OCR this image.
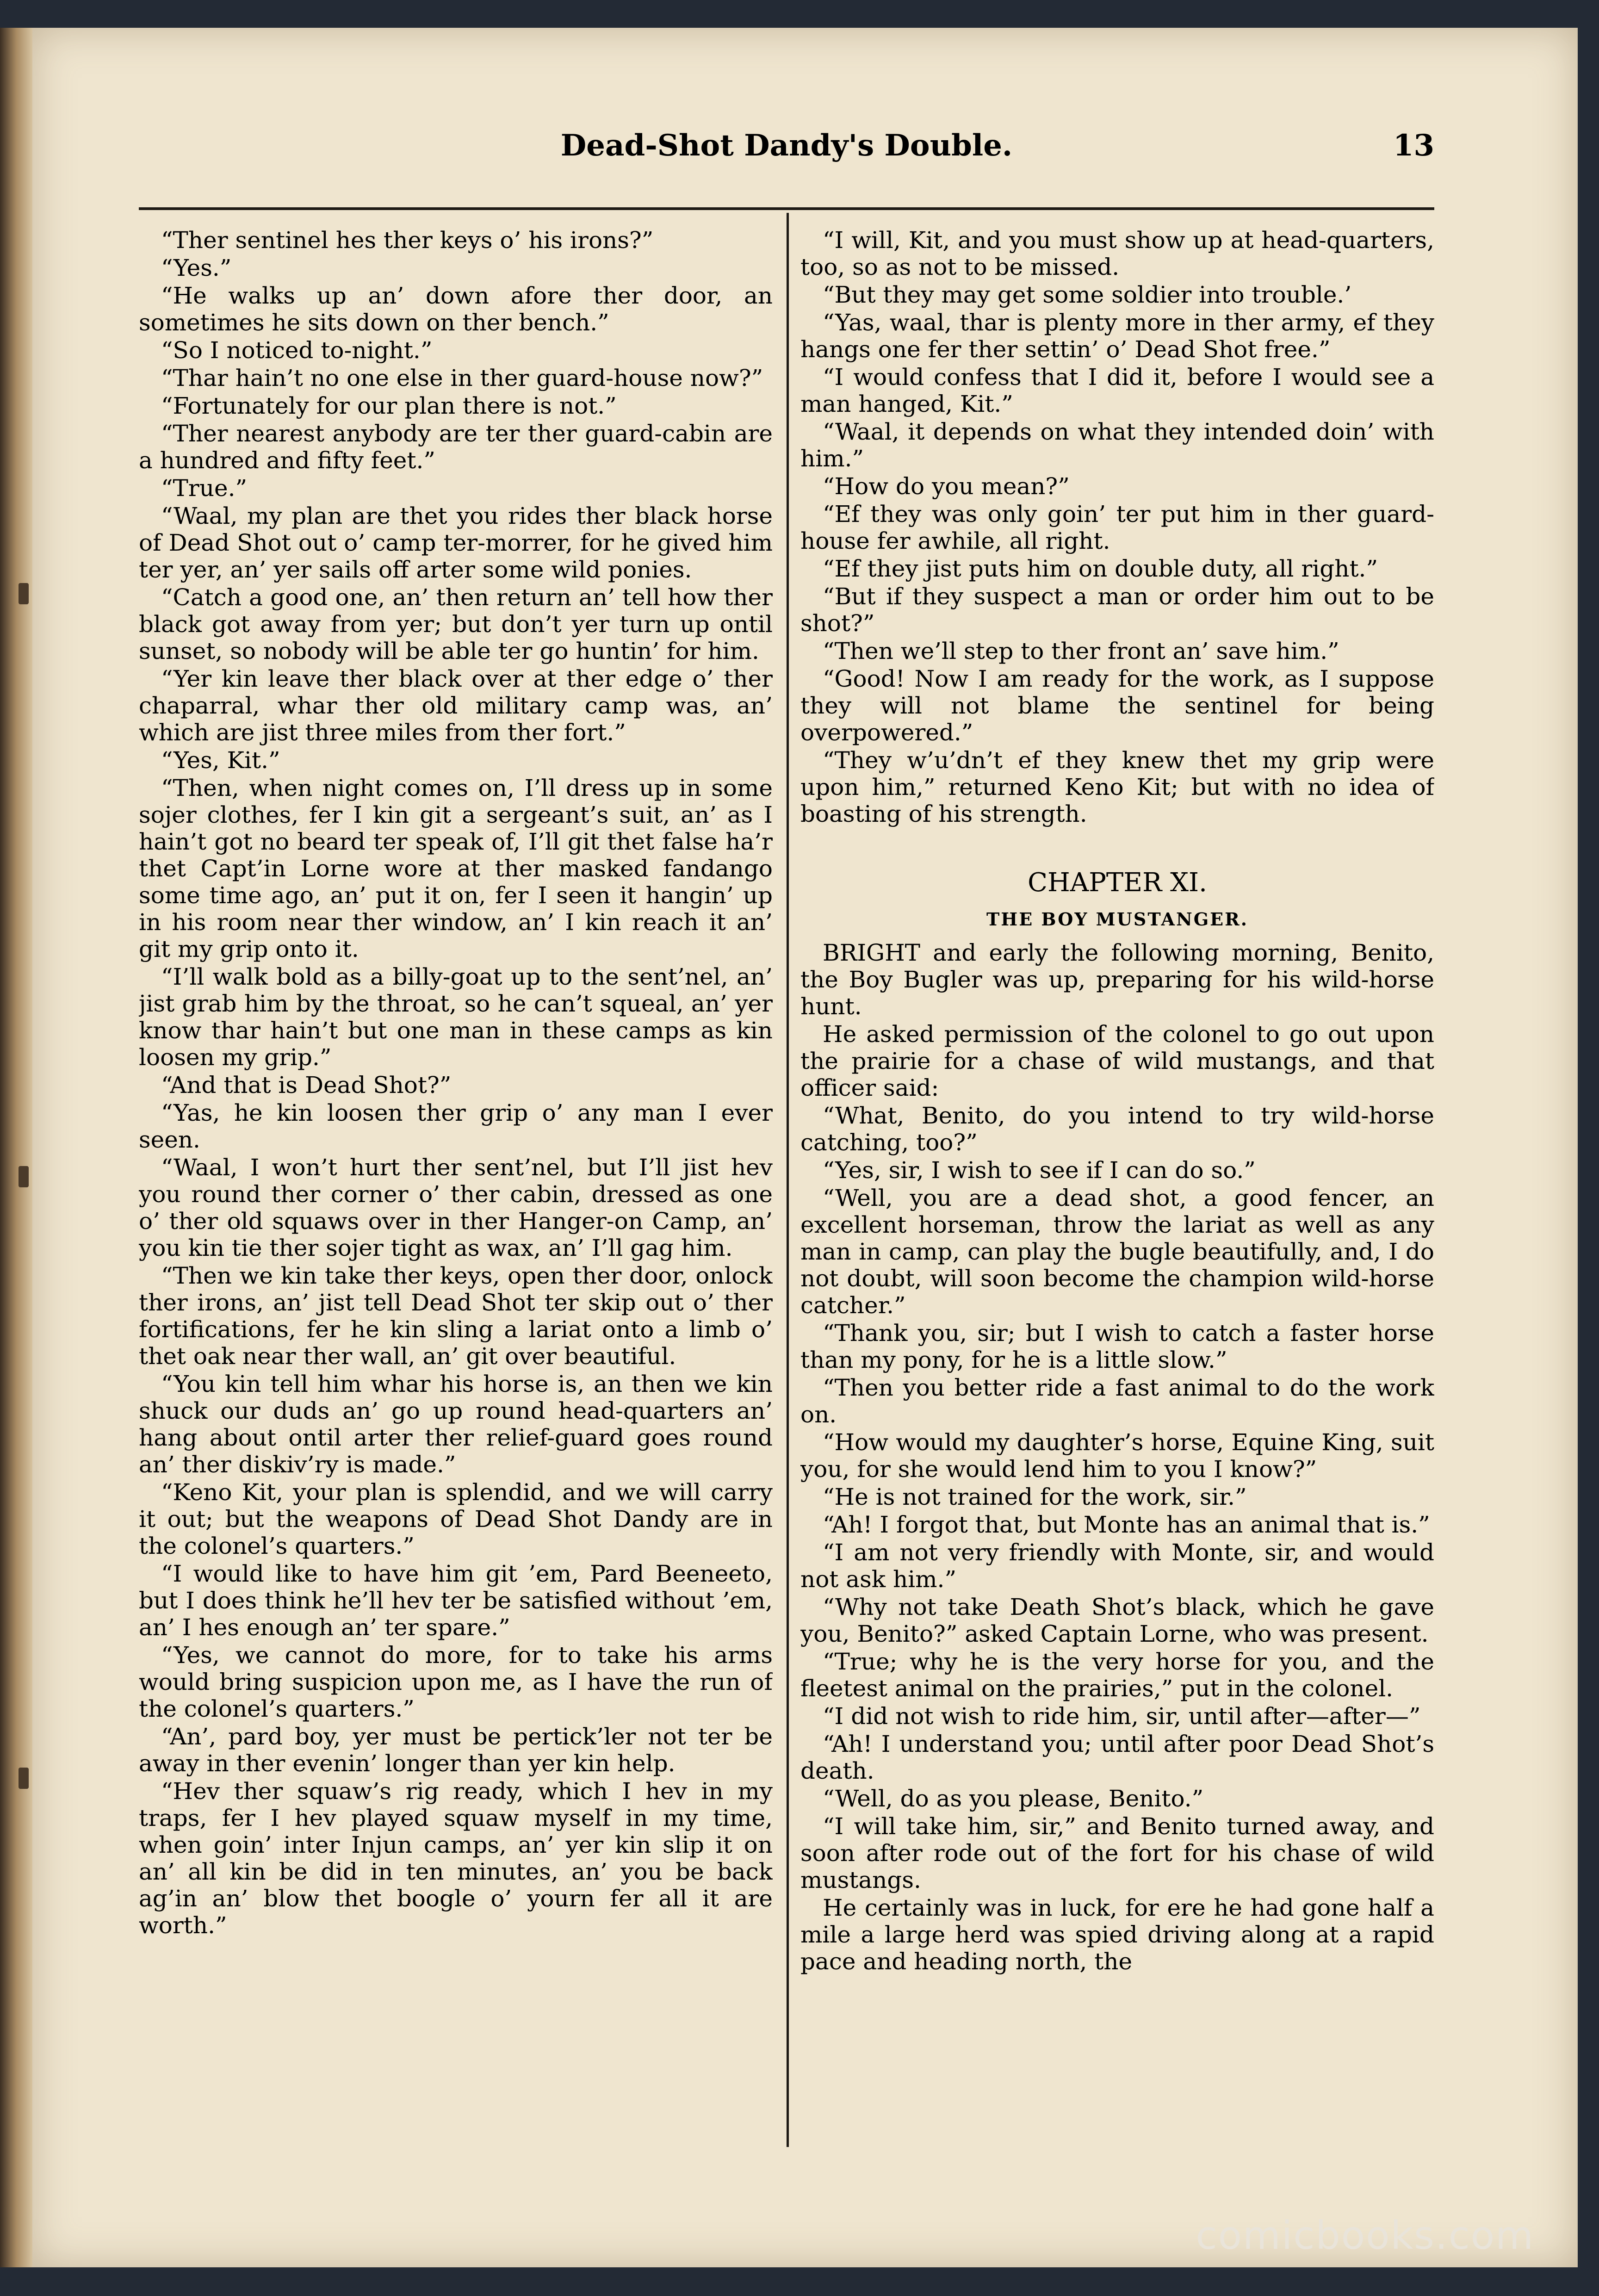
Dead-Shot Dandy's Double.	13

“Ther sentinel hes ther keys o’ his irons?”

“Yes.”

“He walks up an’ down afore ther door, an sometimes he sits down on ther bench.”

“So I noticed to-night.”

“Thar hain’t no one else in ther guard-house now?”

“Fortunately for our plan there is not.”

“Ther nearest anybody are ter ther guard-cabin are a hundred and fifty feet.”

“True.”

“Waal, my plan are thet you rides ther black horse of Dead Shot out o’ camp ter-morrer, for he gived him ter yer, an’ yer sails off arter some wild ponies.

“Catch a good one, an’ then return an’ tell how ther black got away from yer; but don’t yer turn up ontil sunset, so nobody will be able ter go huntin’ for him.

“Yer kin leave ther black over at ther edge o’ ther chaparral, whar ther old military camp was, an’ which are jist three miles from ther fort.”

“Yes, Kit.”

“Then, when night comes on, I’ll dress up in some sojer clothes, fer I kin git a sergeant’s suit, an’ as I hain’t got no beard ter speak of, I’ll git thet false ha’r thet Capt’in Lorne wore at ther masked fandango some time ago, an’ put it on, fer I seen it hangin’ up in his room near ther window, an’ I kin reach it an’ git my grip onto it.

“I’ll walk bold as a billy-goat up to the sent’nel, an’ jist grab him by the throat, so he can’t squeal, an’ yer know thar hain’t but one man in these camps as kin loosen my grip.”

“And that is Dead Shot?”

“Yas, he kin loosen ther grip o’ any man I ever seen.

“Waal, I won’t hurt ther sent’nel, but I’ll jist hev you round ther corner o’ ther cabin, dressed as one o’ ther old squaws over in ther Hanger-on Camp, an’ you kin tie ther sojer tight as wax, an’ I’ll gag him.

“Then we kin take ther keys, open ther door, onlock ther irons, an’ jist tell Dead Shot ter skip out o’ ther fortifications, fer he kin sling a lariat onto a limb o’ thet oak near ther wall, an’ git over beautiful.

“You kin tell him whar his horse is, an then we kin shuck our duds an’ go up round head-quarters an’ hang about ontil arter ther relief-guard goes round an’ ther diskiv’ry is made.”

“Keno Kit, your plan is splendid, and we will carry it out; but the weapons of Dead Shot Dandy are in the colonel’s quarters.”

“I would like to have him git ’em, Pard Beeneeto, but I does think he’ll hev ter be satisfied without ’em, an’ I hes enough an’ ter spare.”

“Yes, we cannot do more, for to take his arms would bring suspicion upon me, as I have the run of the colonel’s quarters.”

“An’, pard boy, yer must be pertick’ler not ter be away in ther evenin’ longer than yer kin help.

“Hev ther squaw’s rig ready, which I hev in my traps, fer I hev played squaw myself in my time, when goin’ inter Injun camps, an’ yer kin slip it on an’ all kin be did in ten minutes, an’ you be back ag’in an’ blow thet boogle o’ yourn fer all it are worth.”

“I will, Kit, and you must show up at head-quarters, too, so as not to be missed.

“But they may get some soldier into trouble.’

“Yas, waal, thar is plenty more in ther army, ef they hangs one fer ther settin’ o’ Dead Shot free.”

“I would confess that I did it, before I would see a man hanged, Kit.”

“Waal, it depends on what they intended doin’ with him.”

“How do you mean?”

“Ef they was only goin’ ter put him in ther guard-house fer awhile, all right.

“Ef they jist puts him on double duty, all right.”

“But if they suspect a man or order him out to be shot?”

“Then we’ll step to ther front an’ save him.”

“Good! Now I am ready for the work, as I suppose they will not blame the sentinel for being overpowered.”

“They w’u’dn’t ef they knew thet my grip were upon him,” returned Keno Kit; but with no idea of boasting of his strength.

CHAPTER XI.
THE BOY MUSTANGER.

BRIGHT and early the following morning, Benito, the Boy Bugler was up, preparing for his wild-horse hunt.

He asked permission of the colonel to go out upon the prairie for a chase of wild mustangs, and that officer said:

“What, Benito, do you intend to try wild-horse catching, too?”

“Yes, sir, I wish to see if I can do so.”

“Well, you are a dead shot, a good fencer, an excellent horseman, throw the lariat as well as any man in camp, can play the bugle beautifully, and, I do not doubt, will soon become the champion wild-horse catcher.”

“Thank you, sir; but I wish to catch a faster horse than my pony, for he is a little slow.”

“Then you better ride a fast animal to do the work on.

“How would my daughter’s horse, Equine King, suit you, for she would lend him to you I know?”

“He is not trained for the work, sir.”

“Ah! I forgot that, but Monte has an animal that is.”

“I am not very friendly with Monte, sir, and would not ask him.”

“Why not take Death Shot’s black, which he gave you, Benito?” asked Captain Lorne, who was present.

“True; why he is the very horse for you, and the fleetest animal on the prairies,” put in the colonel.

“I did not wish to ride him, sir, until after—after—”

“Ah! I understand you; until after poor Dead Shot’s death.

“Well, do as you please, Benito.”

“I will take him, sir,” and Benito turned away, and soon after rode out of the fort for his chase of wild mustangs.

He certainly was in luck, for ere he had gone half a mile a large herd was spied driving along at a rapid pace and heading north, the

comicbooks.com
